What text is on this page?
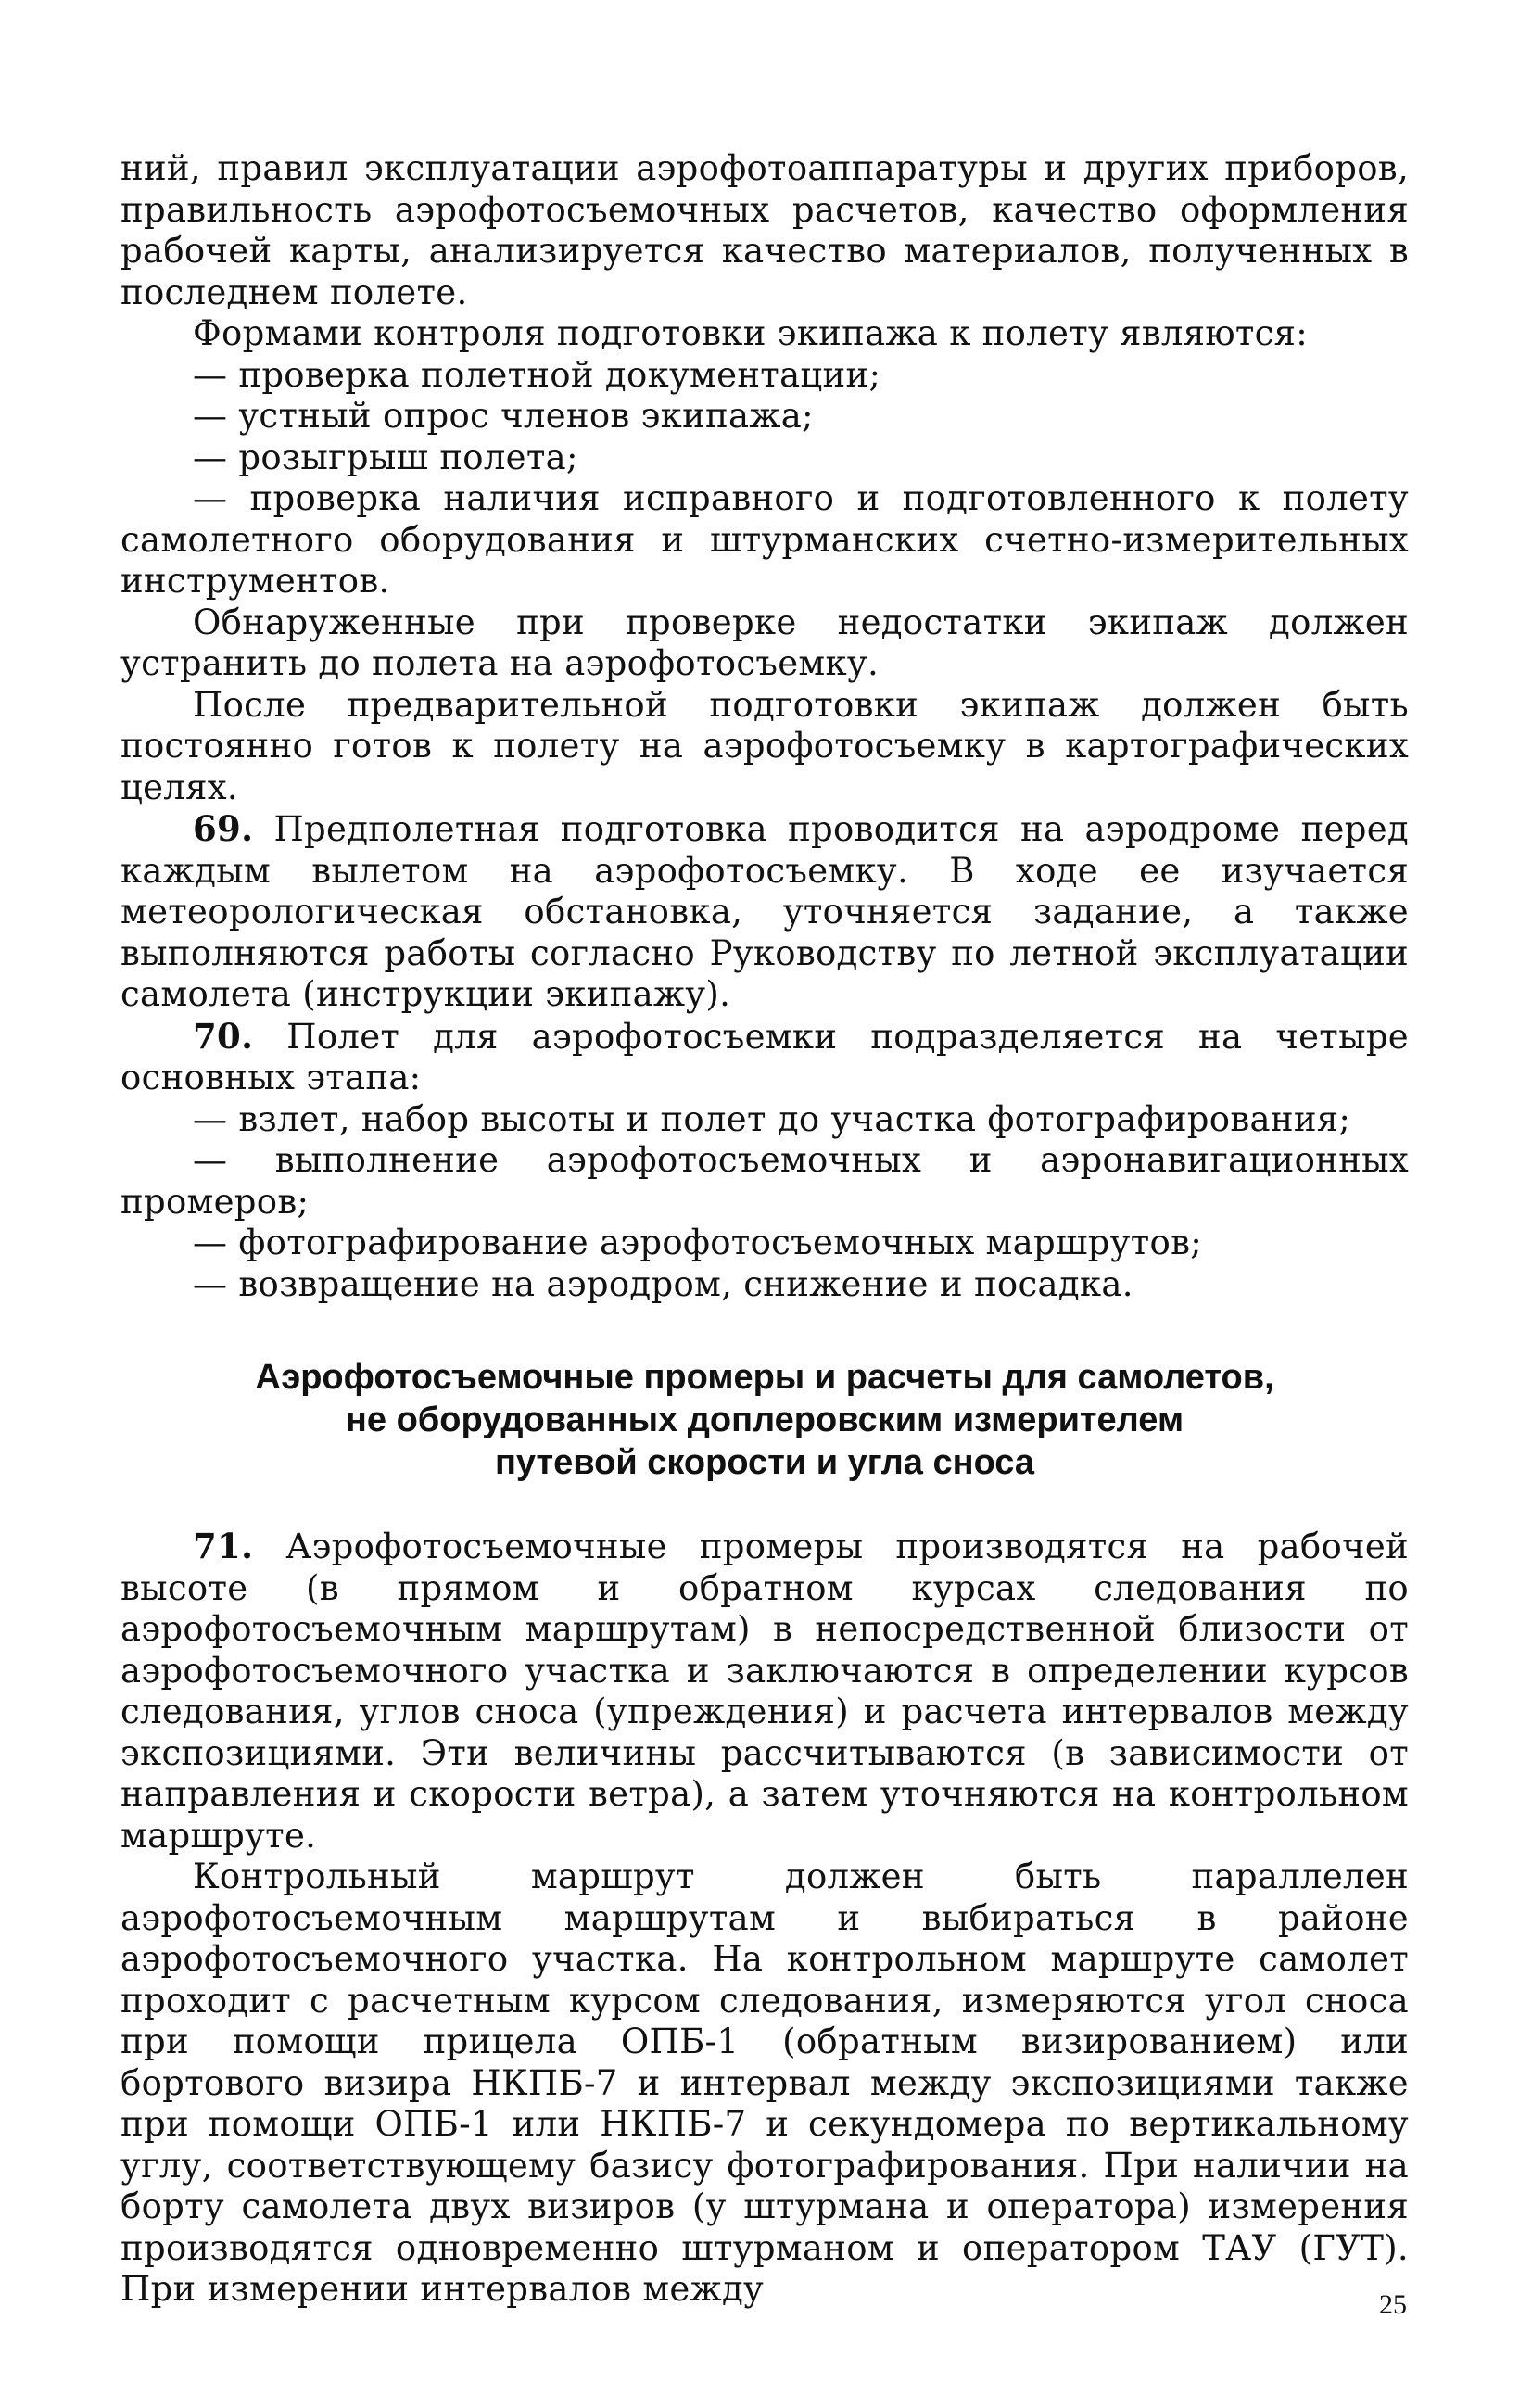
ний, правил эксплуатации аэрофотоаппаратуры и других приборов, правильность аэрофотосъемочных расчетов, качество оформления рабочей карты, анализируется качество материалов, полученных в последнем полете.

Формами контроля подготовки экипажа к полету являются:

— проверка полетной документации;

— устный опрос членов экипажа;

— розыгрыш полета;

— проверка наличия исправного и подготовленного к полету самолетного оборудования и штурманских счетно-измерительных инструментов.

Обнаруженные при проверке недостатки экипаж должен устранить до полета на аэрофотосъемку.

После предварительной подготовки экипаж должен быть постоянно готов к полету на аэрофотосъемку в картографических целях.

69. Предполетная подготовка проводится на аэродроме перед каждым вылетом на аэрофотосъемку. В ходе ее изучается метеорологическая обстановка, уточняется задание, а также выполняются работы согласно Руководству по летной эксплуатации самолета (инструкции экипажу).

70. Полет для аэрофотосъемки подразделяется на четыре основных этапа:

— взлет, набор высоты и полет до участка фотографирования;

— выполнение аэрофотосъемочных и аэронавигационных промеров;

— фотографирование аэрофотосъемочных маршрутов;

— возвращение на аэродром, снижение и посадка.

Аэрофотосъемочные промеры и расчеты для самолетов,
не оборудованных доплеровским измерителем
путевой скорости и угла сноса

71. Аэрофотосъемочные промеры производятся на рабочей высоте (в прямом и обратном курсах следования по аэрофотосъемочным маршрутам) в непосредственной близости от аэрофотосъемочного участка и заключаются в определении курсов следования, углов сноса (упреждения) и расчета интервалов между экспозициями. Эти величины рассчитываются (в зависимости от направления и скорости ветра), а затем уточняются на контрольном маршруте.

Контрольный маршрут должен быть параллелен аэрофотосъемочным маршрутам и выбираться в районе аэрофотосъемочного участка. На контрольном маршруте самолет проходит с расчетным курсом следования, измеряются угол сноса при помощи прицела ОПБ-1 (обратным визированием) или бортового визира НКПБ-7 и интервал между экспозициями также при помощи ОПБ-1 или НКПБ-7 и секундомера по вертикальному углу, соответствующему базису фотографирования. При наличии на борту самолета двух визиров (у штурмана и оператора) измерения производятся одновременно штурманом и оператором ТАУ (ГУТ). При измерении интервалов между	25
